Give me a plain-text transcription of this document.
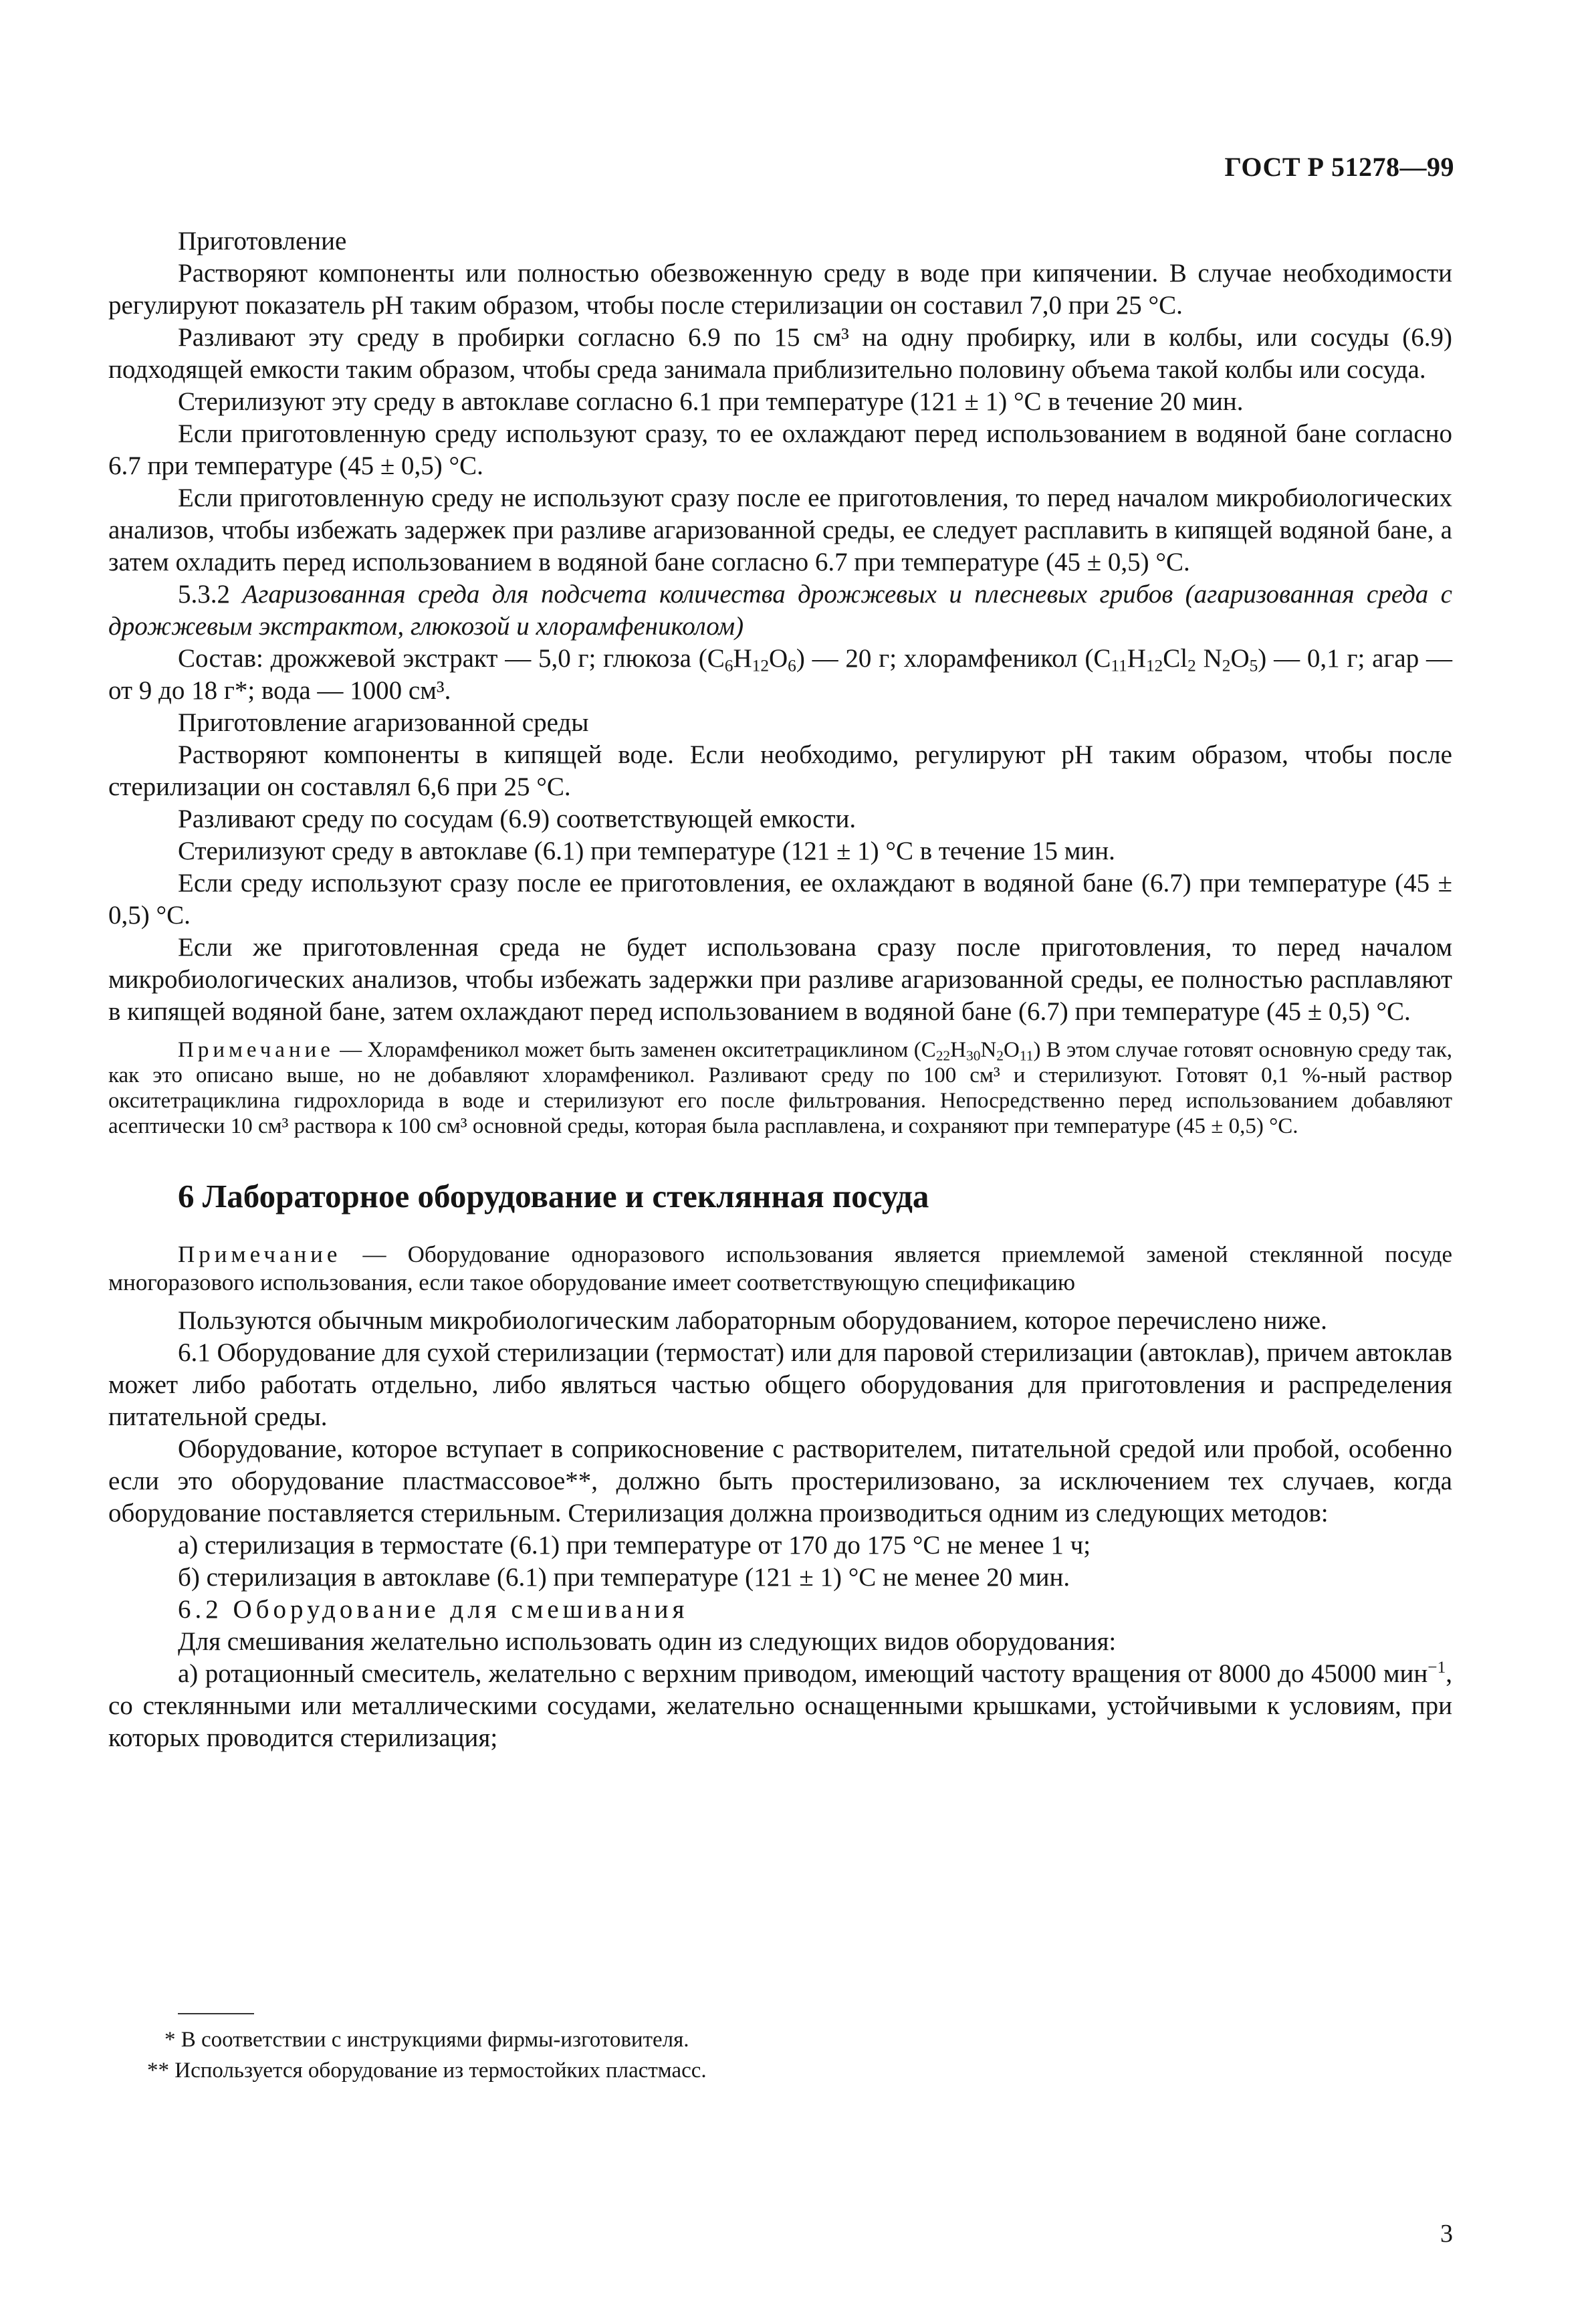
ГОСТ Р 51278—99

Приготовление

Растворяют компоненты или полностью обезвоженную среду в воде при кипячении. В случае необходимости регулируют показатель pH таким образом, чтобы после стерилизации он составил 7,0 при 25 °С.

Разливают эту среду в пробирки согласно 6.9 по 15 см³ на одну пробирку, или в колбы, или сосуды (6.9) подходящей емкости таким образом, чтобы среда занимала приблизительно половину объема такой колбы или сосуда.

Стерилизуют эту среду в автоклаве согласно 6.1 при температуре (121 ± 1) °С в течение 20 мин.

Если приготовленную среду используют сразу, то ее охлаждают перед использованием в водяной бане согласно 6.7 при температуре (45 ± 0,5) °С.

Если приготовленную среду не используют сразу после ее приготовления, то перед началом микробиологических анализов, чтобы избежать задержек при разливе агаризованной среды, ее следует расплавить в кипящей водяной бане, а затем охладить перед использованием в водяной бане согласно 6.7 при температуре (45 ± 0,5) °С.

5.3.2 Агаризованная среда для подсчета количества дрожжевых и плесневых грибов (агаризованная среда с дрожжевым экстрактом, глюкозой и хлорамфениколом)

Состав: дрожжевой экстракт — 5,0 г; глюкоза $(C_6H_{12}O_6)$ — 20 г; хлорамфеникол ($C_{11}H_{12}Cl_2$ $N_2O_5$) — 0,1 г; агар — от 9 до 18 г*; вода — 1000 см³.

Приготовление агаризованной среды

Растворяют компоненты в кипящей воде. Если необходимо, регулируют pH таким образом, чтобы после стерилизации он составлял 6,6 при 25 °С.

Разливают среду по сосудам (6.9) соответствующей емкости.

Стерилизуют среду в автоклаве (6.1) при температуре (121 ± 1) °С в течение 15 мин.

Если среду используют сразу после ее приготовления, ее охлаждают в водяной бане (6.7) при температуре (45 ± 0,5) °С.

Если же приготовленная среда не будет использована сразу после приготовления, то перед началом микробиологических анализов, чтобы избежать задержки при разливе агаризованной среды, ее полностью расплавляют в кипящей водяной бане, затем охлаждают перед использованием в водяной бане (6.7) при температуре (45 ± 0,5) °С.

Примечание — Хлорамфеникол может быть заменен окситетрациклином $(C_{22}H_{30}N_2O_{11})$ В этом случае готовят основную среду так, как это описано выше, но не добавляют хлорамфеникол. Разливают среду по 100 см³ и стерилизуют. Готовят 0,1 %-ный раствор окситетрациклина гидрохлорида в воде и стерилизуют его после фильтрования. Непосредственно перед использованием добавляют асептически 10 см³ раствора к 100 см³ основной среды, которая была расплавлена, и сохраняют при температуре (45 ± 0,5) °С.

6 Лабораторное оборудование и стеклянная посуда

Примечание — Оборудование одноразового использования является приемлемой заменой стеклянной посуде многоразового использования, если такое оборудование имеет соответствующую спецификацию

Пользуются обычным микробиологическим лабораторным оборудованием, которое перечислено ниже.

6.1 Оборудование для сухой стерилизации (термостат) или для паровой стерилизации (автоклав), причем автоклав может либо работать отдельно, либо являться частью общего оборудования для приготовления и распределения питательной среды.

Оборудование, которое вступает в соприкосновение с растворителем, питательной средой или пробой, особенно если это оборудование пластмассовое**, должно быть простерилизовано, за исключением тех случаев, когда оборудование поставляется стерильным. Стерилизация должна производиться одним из следующих методов:

а) стерилизация в термостате (6.1) при температуре от 170 до 175 °С не менее 1 ч;

б) стерилизация в автоклаве (6.1) при температуре (121 ± 1) °С не менее 20 мин.

6.2 Оборудование для смешивания

Для смешивания желательно использовать один из следующих видов оборудования:

а) ротационный смеситель, желательно с верхним приводом, имеющий частоту вращения от 8000 до 45000 мин$^{-1}$, со стеклянными или металлическими сосудами, желательно оснащенными крышками, устойчивыми к условиям, при которых проводится стерилизация;

* В соответствии с инструкциями фирмы-изготовителя.
** Используется оборудование из термостойких пластмасс.
3
